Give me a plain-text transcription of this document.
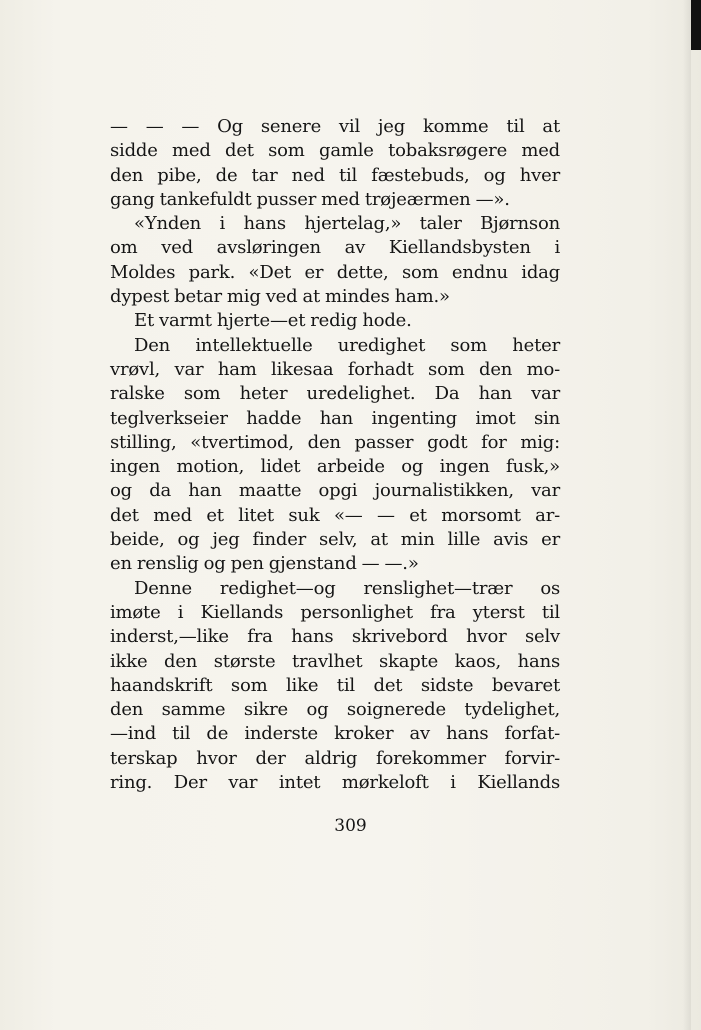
— — — Og senere vil jeg komme til at
sidde med det som gamle tobaksrøgere med
den pibe, de tar ned til fæstebuds, og hver
gang tankefuldt pusser med trøjeærmen —».
«Ynden i hans hjertelag,» taler Bjørnson
om ved avsløringen av Kiellandsbysten i
Moldes park. «Det er dette, som endnu idag
dypest betar mig ved at mindes ham.»
Et varmt hjerte—et redig hode.
Den intellektuelle uredighet som heter
vrøvl, var ham likesaa forhadt som den mo-
ralske som heter uredelighet. Da han var
teglverkseier hadde han ingenting imot sin
stilling, «tvertimod, den passer godt for mig:
ingen motion, lidet arbeide og ingen fusk,»
og da han maatte opgi journalistikken, var
det med et litet suk «— — et morsomt ar-
beide, og jeg finder selv, at min lille avis er
en renslig og pen gjenstand — —.»
Denne redighet—og renslighet—trær os
imøte i Kiellands personlighet fra yterst til
inderst,—like fra hans skrivebord hvor selv
ikke den største travlhet skapte kaos, hans
haandskrift som like til det sidste bevaret
den samme sikre og soignerede tydelighet,
—ind til de inderste kroker av hans forfat-
terskap hvor der aldrig forekommer forvir-
ring. Der var intet mørkeloft i Kiellands
309
